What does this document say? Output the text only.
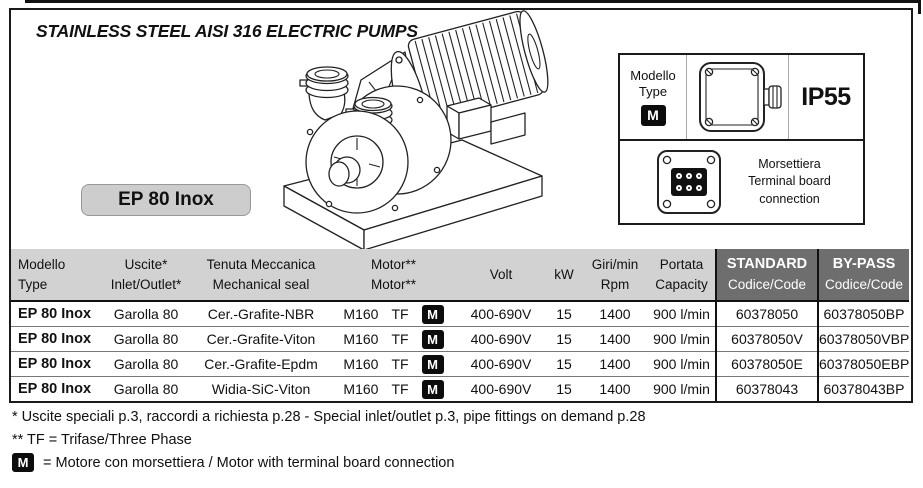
STAINLESS STEEL AISI 316 ELECTRIC PUMPS
EP 80 Inox
Modello
Type
M
IP55
Morsettiera
Terminal board
connection
Modello
Type

Uscite*
Inlet/Outlet*

Tenuta Meccanica
Mechanical seal

Motor**
Motor**

Volt	kW

Giri/min
Rpm

Portata
Capacity

STANDARD
Codice/Code

BY-PASS
Codice/Code

EP 80 Inox	Garolla 80	Cer.-Grafite-NBR	M160 TF M	400-690V	15	1400	900 l/min	60378050	60378050BP
EP 80 Inox	Garolla 80	Cer.-Grafite-Viton	M160 TF M	400-690V	15	1400	900 l/min	60378050V	60378050VBP
EP 80 Inox	Garolla 80	Cer.-Grafite-Epdm	M160 TF M	400-690V	15	1400	900 l/min	60378050E	60378050EBP
EP 80 Inox	Garolla 80	Widia-SiC-Viton	M160 TF M	400-690V	15	1400	900 l/min	60378043	60378043BP
* Uscite speciali p.3, raccordi a richiesta p.28 - Special inlet/outlet p.3, pipe fittings on demand p.28
** TF = Trifase/Three Phase
M	= Motore con morsettiera / Motor with terminal board connection
